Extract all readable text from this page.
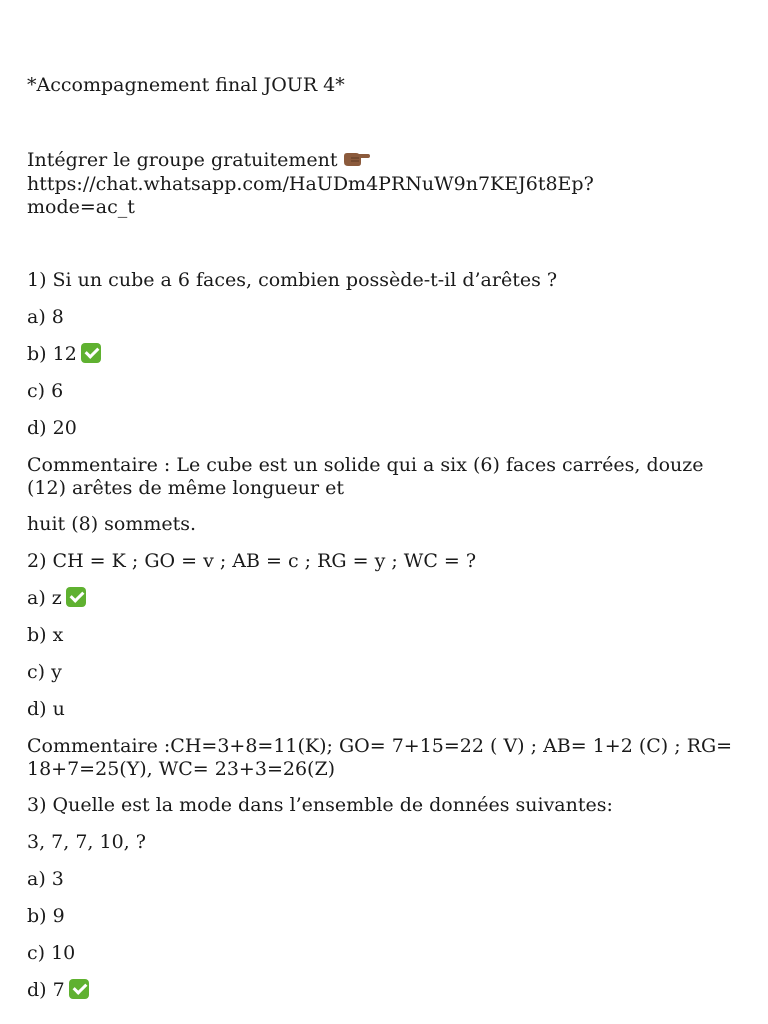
*Accompagnement final JOUR 4*
Intégrer le groupe gratuitement
https://chat.whatsapp.com/HaUDm4PRNuW9n7KEJ6t8Ep?
mode=ac_t
1) Si un cube a 6 faces, combien possède-t-il d’arêtes ?
a) 8
b) 12
c) 6
d) 20
Commentaire : Le cube est un solide qui a six (6) faces carrées, douze (12) arêtes de même longueur et
huit (8) sommets.
2) CH = K ; GO = v ; AB = c ; RG = y ; WC = ?
a) z
b) x
c) y
d) u
Commentaire :CH=3+8=11(K); GO= 7+15=22 ( V) ; AB= 1+2 (C) ; RG= 18+7=25(Y), WC= 23+3=26(Z)
3) Quelle est la mode dans l’ensemble de données suivantes:
3, 7, 7, 10, ?
a) 3
b) 9
c) 10
d) 7
